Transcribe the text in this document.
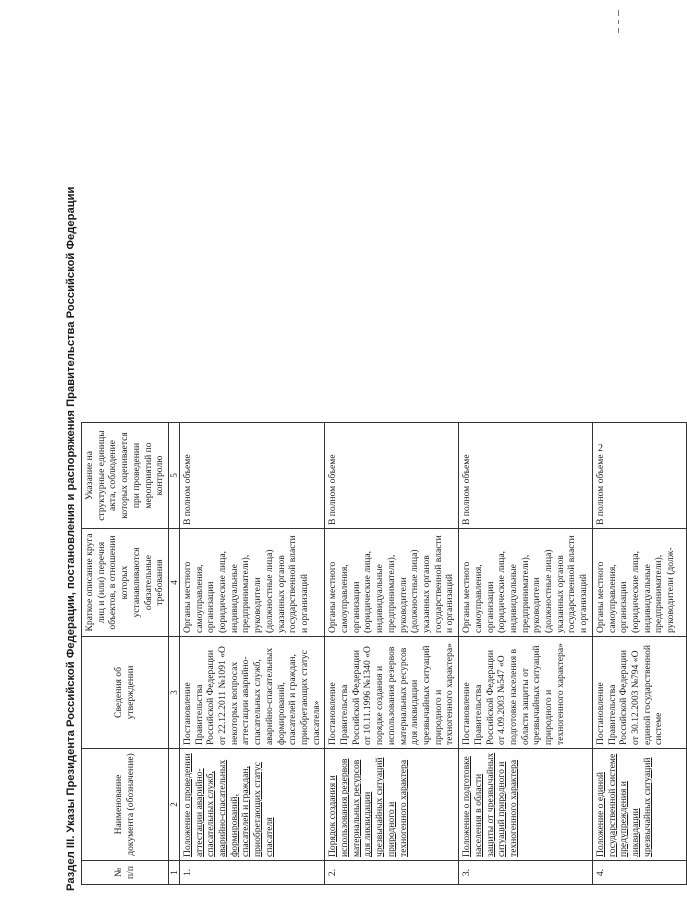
Раздел III. Указы Президента Российской Федерации, постановления и распоряжения Правительства Российской Федерации	№ п/п	Наименование документа (обозначение)	Сведения об утверждении	Краткое описание круга лиц и (или) перечня объектов, в отношении которых устанавливаются обязательные требования	Указание на структурные единицы акта, соблюдение которых оценивается при проведении мероприятий по контролю
1	2	3	4	5
1.	Положение о проведении аттестации аварийно-спасательных служб, аварийно-спасательных формирований, спасателей и граждан, приобретающих статус спасателя	Постановление Правительства Российской Федерации от 22.12.2011 №1091 «О некоторых вопросах аттестации аварийно-спасательных служб, аварийно-спасательных формирований, спасателей и граждан, приобретающих статус спасателя»	Органы местного самоуправления, организации (юридические лица, индивидуальные предприниматели), руководители (должностные лица) указанных органов государственной власти и организаций	В полном объеме
2.	Порядок создания и использования резервов материальных ресурсов для ликвидации чрезвычайных ситуаций природного и техногенного характера	Постановление Правительства Российской Федерации от 10.11.1996 №1340 «О порядке создания и использования резервов материальных ресурсов для ликвидации чрезвычайных ситуаций природного и техногенного характера»	Органы местного самоуправления, организации (юридические лица, индивидуальные предприниматели), руководители (должностные лица) указанных органов государственной власти и организаций	В полном объеме
3.	Положение о подготовке населения в области защиты от чрезвычайных ситуаций природного и техногенного характера	Постановление Правительства Российской Федерации от 4.09.2003 №547 «О подготовке населения в области защиты от чрезвычайных ситуаций природного и техногенного характера»	Органы местного самоуправления, организации (юридические лица, индивидуальные предприниматели), руководители (должностные лица) указанных органов государственной власти и организаций	В полном объеме
4.	Положение о единой государственной системе предупреждения и ликвидации чрезвычайных ситуаций	Постановление Правительства Российской Федерации от 30.12.2003 №794 «О единой государственной системе	Органы местного самоуправления, организации (юридические лица, индивидуальные предприниматели), руководители (долж-	В полном объеме
2
